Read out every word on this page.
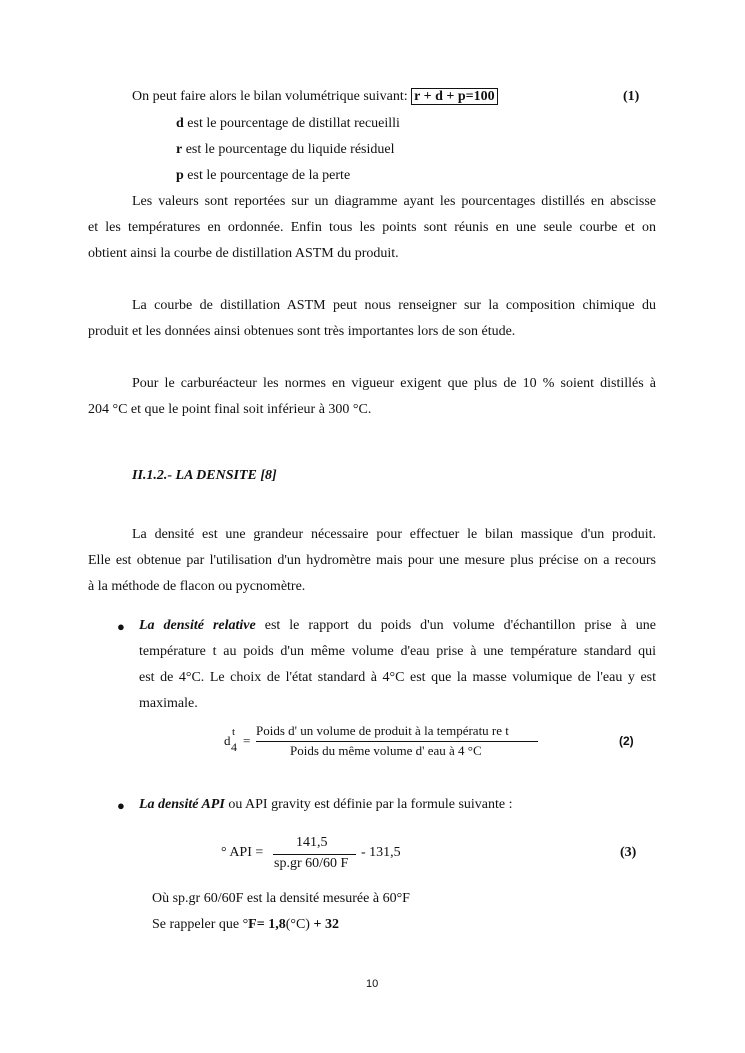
On peut faire alors le bilan volumétrique suivant: r + d + p=100	(1)
d est le pourcentage de distillat recueilli
r est le pourcentage du liquide résiduel
p est le pourcentage de la perte
Les valeurs sont reportées sur un diagramme ayant les pourcentages distillés en abscisse
et les températures en ordonnée. Enfin tous les points sont réunis en une seule courbe et on
obtient ainsi la courbe de distillation ASTM du produit.
La courbe de distillation ASTM peut nous renseigner sur la composition chimique du
produit et les données ainsi obtenues sont très importantes lors de son étude.
Pour le carburéacteur les normes en vigueur exigent que plus de 10 % soient distillés à
204 °C et que le point final soit inférieur à 300 °C.
II.1.2.- LA DENSITE [8]
La densité est une grandeur nécessaire pour effectuer le bilan massique d'un produit.
Elle est obtenue par l'utilisation d'un hydromètre mais pour une mesure plus précise on a recours
à la méthode de flacon ou pycnomètre.
● La densité relative est le rapport du poids d'un volume d'échantillon prise à une
température t au poids d'un même volume d'eau prise à une température standard qui
est de 4°C. Le choix de l'état standard à 4°C est que la masse volumique de l'eau y est
maximale.
d
t
4 =
Poids d' un volume de produit à la températu re t
Poids du même volume d' eau à 4 °C
(2)
● La densité API ou API gravity est définie par la formule suivante :
° API =
141,5
sp.gr 60/60 F
- 131,5	(3)
Où sp.gr 60/60F est la densité mesurée à 60°F
Se rappeler que °F= 1,8(°C) + 32
10
